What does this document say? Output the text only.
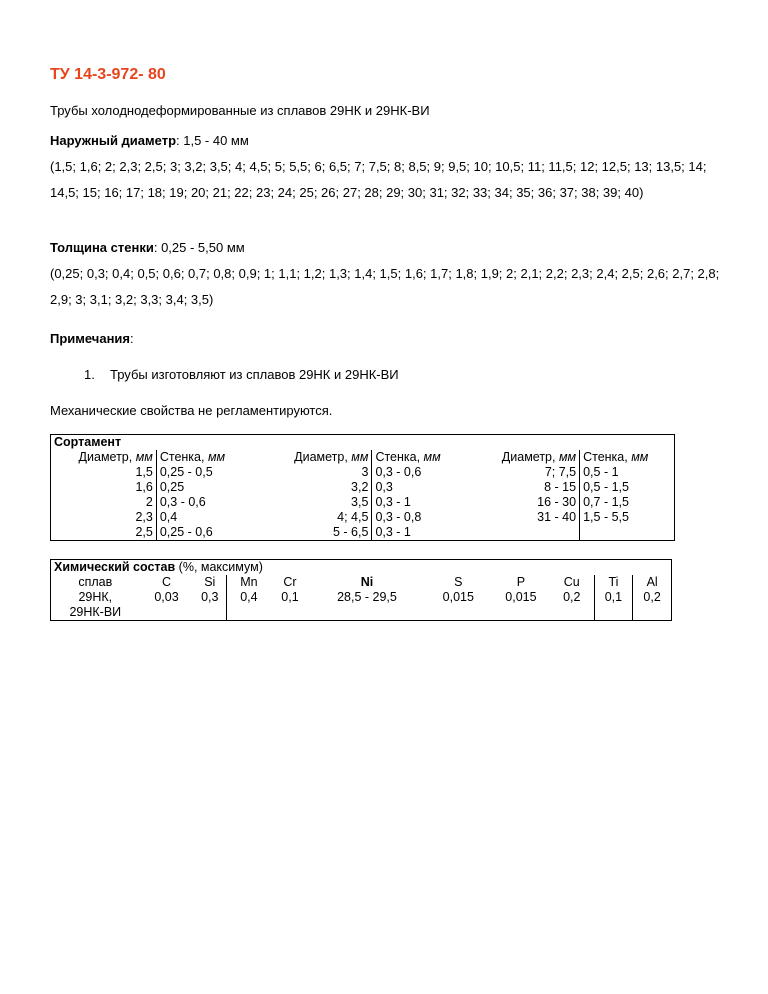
ТУ 14-3-972- 80
Трубы холоднодеформированные из сплавов 29НК и 29НК-ВИ
Наружный диаметр: 1,5 - 40 мм
(1,5; 1,6; 2; 2,3; 2,5; 3; 3,2; 3,5; 4; 4,5; 5; 5,5; 6; 6,5; 7; 7,5; 8; 8,5; 9; 9,5; 10; 10,5; 11; 11,5; 12; 12,5; 13; 13,5; 14; 14,5; 15; 16; 17; 18; 19; 20; 21; 22; 23; 24; 25; 26; 27; 28; 29; 30; 31; 32; 33; 34; 35; 36; 37; 38; 39; 40)
Толщина стенки: 0,25 - 5,50 мм
(0,25; 0,3; 0,4; 0,5; 0,6; 0,7; 0,8; 0,9; 1; 1,1; 1,2; 1,3; 1,4; 1,5; 1,6; 1,7; 1,8; 1,9; 2; 2,1; 2,2; 2,3; 2,4; 2,5; 2,6; 2,7; 2,8; 2,9; 3; 3,1; 3,2; 3,3; 3,4; 3,5)
Примечания:
1. Трубы изготовляют из сплавов 29НК и 29НК-ВИ
Механические свойства не регламентируются.
Сортамент					
Диаметр, мм	Стенка, мм	Диаметр, мм	Стенка, мм	Диаметр, мм	Стенка, мм
1,5	0,25 - 0,5	3	0,3 - 0,6	7; 7,5	0,5 - 1
1,6	0,25	3,2	0,3	8 - 15	0,5 - 1,5
2	0,3 - 0,6	3,5	0,3 - 1	16 - 30	0,7 - 1,5
2,3	0,4	4; 4,5	0,3 - 0,8	31 - 40	1,5 - 5,5
2,5	0,25 - 0,6	5 - 6,5	0,3 - 1		
Химический состав (%, максимум)										
сплав	C	Si	Mn	Cr	Ni	S	P	Cu	Ti	Al
29НК,
29НК-ВИ	0,03	0,3	0,4	0,1	28,5 - 29,5	0,015	0,015	0,2	0,1	0,2
